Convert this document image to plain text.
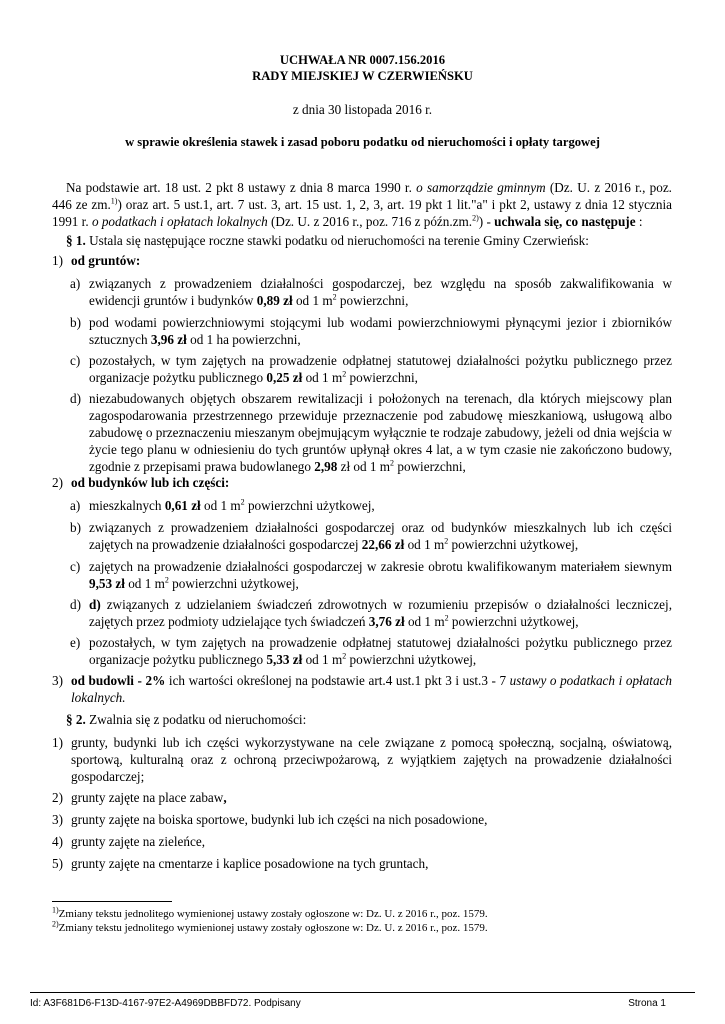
UCHWAŁA NR 0007.156.2016
RADY MIEJSKIEJ W CZERWIEŃSKU
z dnia 30 listopada 2016 r.
w sprawie określenia stawek i zasad poboru podatku od nieruchomości i opłaty targowej
Na podstawie art. 18 ust. 2 pkt 8 ustawy z dnia 8 marca 1990 r. o samorządzie gminnym (Dz. U. z 2016 r., poz. 446 ze zm.$^{1)}$) oraz art. 5 ust.1, art. 7 ust. 3, art. 15 ust. 1, 2, 3, art. 19 pkt 1 lit."a" i pkt 2, ustawy z dnia 12 stycznia 1991 r. o podatkach i opłatach lokalnych (Dz. U. z 2016 r., poz. 716 z późn.zm.$^{2)}$) - uchwala się, co następuje :
§ 1. Ustala się następujące roczne stawki podatku od nieruchomości na terenie Gminy Czerwieńsk:
1) od gruntów:
a) związanych z prowadzeniem działalności gospodarczej, bez względu na sposób zakwalifikowania w ewidencji gruntów i budynków 0,89 zł od 1 $m^2$ powierzchni,
b) pod wodami powierzchniowymi stojącymi lub wodami powierzchniowymi płynącymi jezior i zbiorników sztucznych 3,96 zł od 1 ha powierzchni,
c) pozostałych, w tym zajętych na prowadzenie odpłatnej statutowej działalności pożytku publicznego przez organizacje pożytku publicznego 0,25 zł od 1 $m^2$ powierzchni,
d) niezabudowanych objętych obszarem rewitalizacji i położonych na terenach, dla których miejscowy plan zagospodarowania przestrzennego przewiduje przeznaczenie pod zabudowę mieszkaniową, usługową albo zabudowę o przeznaczeniu mieszanym obejmującym wyłącznie te rodzaje zabudowy, jeżeli od dnia wejścia w życie tego planu w odniesieniu do tych gruntów upłynął okres 4 lat, a w tym czasie nie zakończono budowy, zgodnie z przepisami prawa budowlanego 2,98 zł od 1 $m^2$ powierzchni,
2) od budynków lub ich części:
a) mieszkalnych 0,61 zł od 1 $m^2$ powierzchni użytkowej,
b) związanych z prowadzeniem działalności gospodarczej oraz od budynków mieszkalnych lub ich części zajętych na prowadzenie działalności gospodarczej 22,66 zł od 1 $m^2$ powierzchni użytkowej,
c) zajętych na prowadzenie działalności gospodarczej w zakresie obrotu kwalifikowanym materiałem siewnym 9,53 zł od 1 $m^2$ powierzchni użytkowej,
d) d) związanych z udzielaniem świadczeń zdrowotnych w rozumieniu przepisów o działalności leczniczej, zajętych przez podmioty udzielające tych świadczeń 3,76 zł od 1 $m^2$ powierzchni użytkowej,
e) pozostałych, w tym zajętych na prowadzenie odpłatnej statutowej działalności pożytku publicznego przez organizacje pożytku publicznego 5,33 zł od 1 $m^2$ powierzchni użytkowej,
3) od budowli - 2% ich wartości określonej na podstawie art.4 ust.1 pkt 3 i ust.3 - 7 ustawy o podatkach i opłatach lokalnych.
§ 2. Zwalnia się z podatku od nieruchomości:
1) grunty, budynki lub ich części wykorzystywane na cele związane z pomocą społeczną, socjalną, oświatową, sportową, kulturalną oraz z ochroną przeciwpożarową, z wyjątkiem zajętych na prowadzenie działalności gospodarczej;
2) grunty zajęte na place zabaw,
3) grunty zajęte na boiska sportowe, budynki lub ich części na nich posadowione,
4) grunty zajęte na zieleńce,
5) grunty zajęte na cmentarze i kaplice posadowione na tych gruntach,
$^{1)}$Zmiany tekstu jednolitego wymienionej ustawy zostały ogłoszone w: Dz. U. z 2016 r., poz. 1579.
$^{2)}$Zmiany tekstu jednolitego wymienionej ustawy zostały ogłoszone w: Dz. U. z 2016 r., poz. 1579.
Id: A3F681D6-F13D-4167-97E2-A4969DBBFD72. Podpisany	Strona 1
